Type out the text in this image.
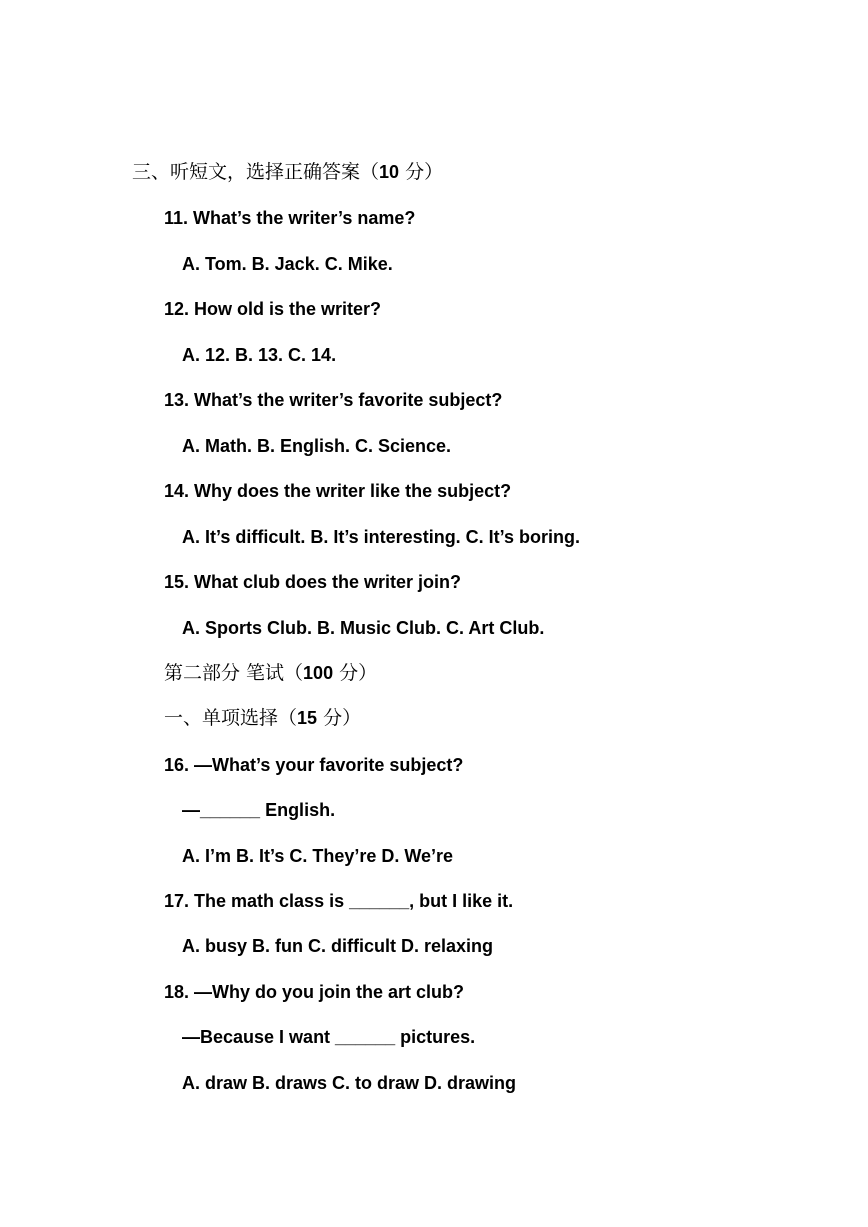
三、听短文，选择正确答案（10 分）
11. What’s the writer’s name?
A. Tom. B. Jack. C. Mike.
12. How old is the writer?
A. 12. B. 13. C. 14.
13. What’s the writer’s favorite subject?
A. Math. B. English. C. Science.
14. Why does the writer like the subject?
A. It’s difficult. B. It’s interesting. C. It’s boring.
15. What club does the writer join?
A. Sports Club. B. Music Club. C. Art Club.
第二部分 笔试（100 分）
一、单项选择（15 分）
16. —What’s your favorite subject?
—______ English.
A. I’m B. It’s C. They’re D. We’re
17. The math class is ______, but I like it.
A. busy B. fun C. difficult D. relaxing
18. —Why do you join the art club?
—Because I want ______ pictures.
A. draw B. draws C. to draw D. drawing
